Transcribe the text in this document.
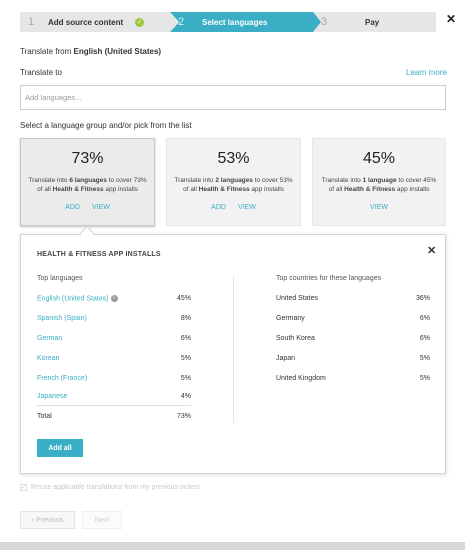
1	Add source content ✓	2	Select languages	3	Pay	✕
Translate from English (United States)
Translate to	Learn more
Add languages...
Select a language group and/or pick from the list
73%
Translate into 6 languages to cover 73% of all Health & Fitness app installs
ADD VIEW
53%
Translate into 2 languages to cover 53% of all Health & Fitness app installs
ADD VIEW
45%
Translate into 1 language to cover 45% of all Health & Fitness app installs
VIEW
HEALTH & FITNESS APP INSTALLS	✕
Top languages	Top countries for these languages
English (United States) i	45%
Spanish (Spain)	8%
German	6%
Korean	5%
French (France)	5%
Japanese	4%
Total	73%
United States	36%
Germany	6%
South Korea	6%
Japan	5%
United Kingdom	5%
Add all
✓ Reuse applicable translations from my previous orders
‹ Previous	Next
